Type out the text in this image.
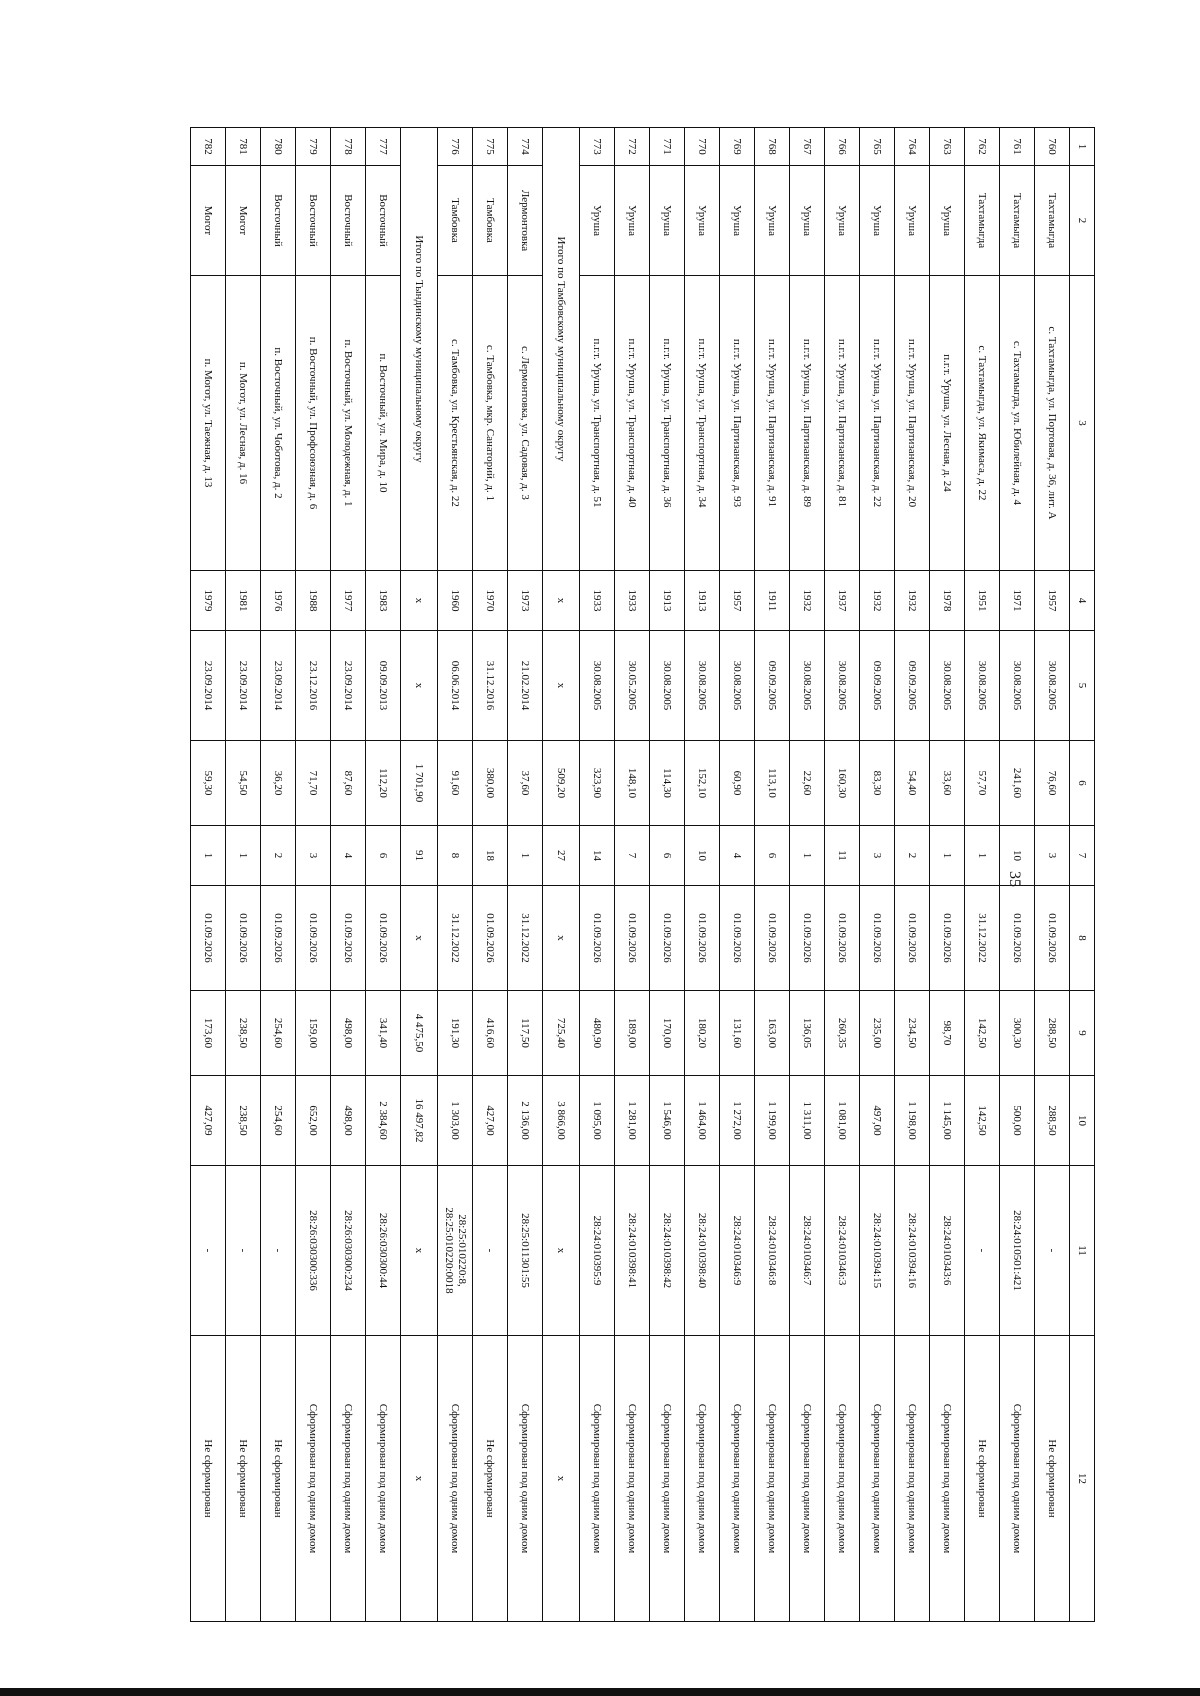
35
1	2	3	4	5	6	7	8	9	10	11	12
760	Тахтамыгда	с. Тахтамыгда, ул. Портовая, д. 36, лит. А	1957	30.08.2005	76,60	3	01.09.2026	288,50	288,50	-	Не сформирован
761	Тахтамыгда	с. Тахтамыгда, ул. Юбилейная, д. 4	1971	30.08.2005	241,60	10	01.09.2026	300,30	500,00	28:24:010501:421	Сформирован под одним домом
762	Тахтамыгда	с. Тахтамыгда, ул. Якимаса, д. 22	1951	30.08.2005	57,70	1	31.12.2022	142,50	142,50	-	Не сформирован
763	Уруша	п.г.т. Уруша, ул. Лесная, д. 24	1978	30.08.2005	33,60	1	01.09.2026	98,70	1 145,00	28:24:010343:6	Сформирован под одним домом
764	Уруша	п.г.т. Уруша, ул. Партизанская, д. 20	1932	09.09.2005	54,40	2	01.09.2026	234,50	1 198,00	28:24:010394:16	Сформирован под одним домом
765	Уруша	п.г.т. Уруша, ул. Партизанская, д. 22	1932	09.09.2005	83,30	3	01.09.2026	235,00	497,00	28:24:010394:15	Сформирован под одним домом
766	Уруша	п.г.т. Уруша, ул. Партизанская, д. 81	1937	30.08.2005	160,30	11	01.09.2026	260,35	1 081,00	28:24:010346:3	Сформирован под одним домом
767	Уруша	п.г.т. Уруша, ул. Партизанская, д. 89	1932	30.08.2005	22,60	1	01.09.2026	136,05	1 311,00	28:24:010346:7	Сформирован под одним домом
768	Уруша	п.г.т. Уруша, ул. Партизанская, д. 91	1911	09.09.2005	113,10	6	01.09.2026	163,00	1 199,00	28:24:010346:8	Сформирован под одним домом
769	Уруша	п.г.т. Уруша, ул. Партизанская, д. 93	1957	30.08.2005	60,90	4	01.09.2026	131,60	1 272,00	28:24:010346:9	Сформирован под одним домом
770	Уруша	п.г.т. Уруша, ул. Транспортная, д. 34	1913	30.08.2005	152,10	10	01.09.2026	180,20	1 464,00	28:24:010398:40	Сформирован под одним домом
771	Уруша	п.г.т. Уруша, ул. Транспортная, д. 36	1913	30.08.2005	114,30	6	01.09.2026	170,00	1 546,00	28:24:010398:42	Сформирован под одним домом
772	Уруша	п.г.т. Уруша, ул. Транспортная, д. 40	1933	30.05.2005	148,10	7	01.09.2026	189,00	1 281,00	28:24:010398:41	Сформирован под одним домом
773	Уруша	п.г.т. Уруша, ул. Транспортная, д. 51	1933	30.08.2005	323,90	14	01.09.2026	480,90	1 095,00	28:24:010395:9	Сформирован под одним домом
Итого по Тамбовскому муниципальному округу			x	x	509,20	27	x	725,40	3 866,00	x	x
774	Лермонтовка	с. Лермонтовка, ул. Садовая, д. 3	1973	21.02.2014	37,60	1	31.12.2022	117,50	2 136,00	28:25:011301:55	Сформирован под одним домом
775	Тамбовка	с. Тамбовка, мкр. Санаторий, д. 1	1970	31.12.2016	380,00	18	01.09.2026	416,60	427,00	-	Не сформирован
776	Тамбовка	с. Тамбовка, ул. Крестьянская, д. 22	1960	06.06.2014	91,60	8	31.12.2022	191,30	1 303,00	28:25:010220:8, 28:25:010220:0018	Сформирован под одним домом
Итого по Тындинскому муниципальному округу			x	x	1 701,90	91	x	4 475,50	16 497,82	x	x
777	Восточный	п. Восточный, ул. Мира, д. 10	1983	09.09.2013	112,20	6	01.09.2026	341,40	2 384,60	28:26:030300:44	Сформирован под одним домом
778	Восточный	п. Восточный, ул. Молодежная, д. 1	1977	23.09.2014	87,60	4	01.09.2026	498,00	498,00	28:26:030300:234	Сформирован под одним домом
779	Восточный	п. Восточный, ул. Профсоюзная, д. 6	1988	23.12.2016	71,70	3	01.09.2026	159,00	652,00	28:26:030300:336	Сформирован под одним домом
780	Восточный	п. Восточный, ул. Чоботова, д. 2	1976	23.09.2014	36,20	2	01.09.2026	254,60	254,60	-	Не сформирован
781	Могот	п. Могот, ул. Лесная, д. 16	1981	23.09.2014	54,50	1	01.09.2026	238,50	238,50	-	Не сформирован
782	Могот	п. Могот, ул. Таежная, д. 13	1979	23.09.2014	59,30	1	01.09.2026	173,60	427,09	-	Не сформирован
